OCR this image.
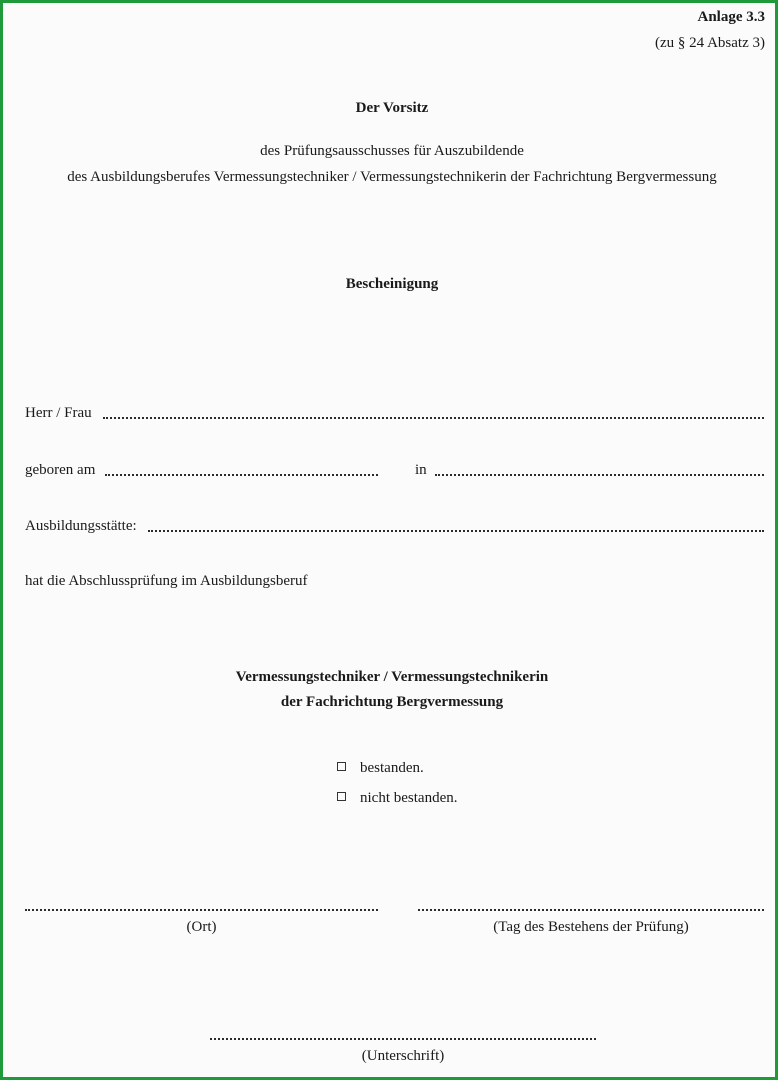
Anlage 3.3
(zu § 24 Absatz 3)
Der Vorsitz
des Prüfungsausschusses für Auszubildende
des Ausbildungsberufes Vermessungstechniker / Vermessungstechnikerin der Fachrichtung Bergvermessung
Bescheinigung
Herr / Frau
geboren am	in
Ausbildungsstätte:
hat die Abschlussprüfung im Ausbildungsberuf
Vermessungstechniker / Vermessungstechnikerin
der Fachrichtung Bergvermessung
bestanden.
nicht bestanden.
(Ort)	(Tag des Bestehens der Prüfung)
(Unterschrift)
